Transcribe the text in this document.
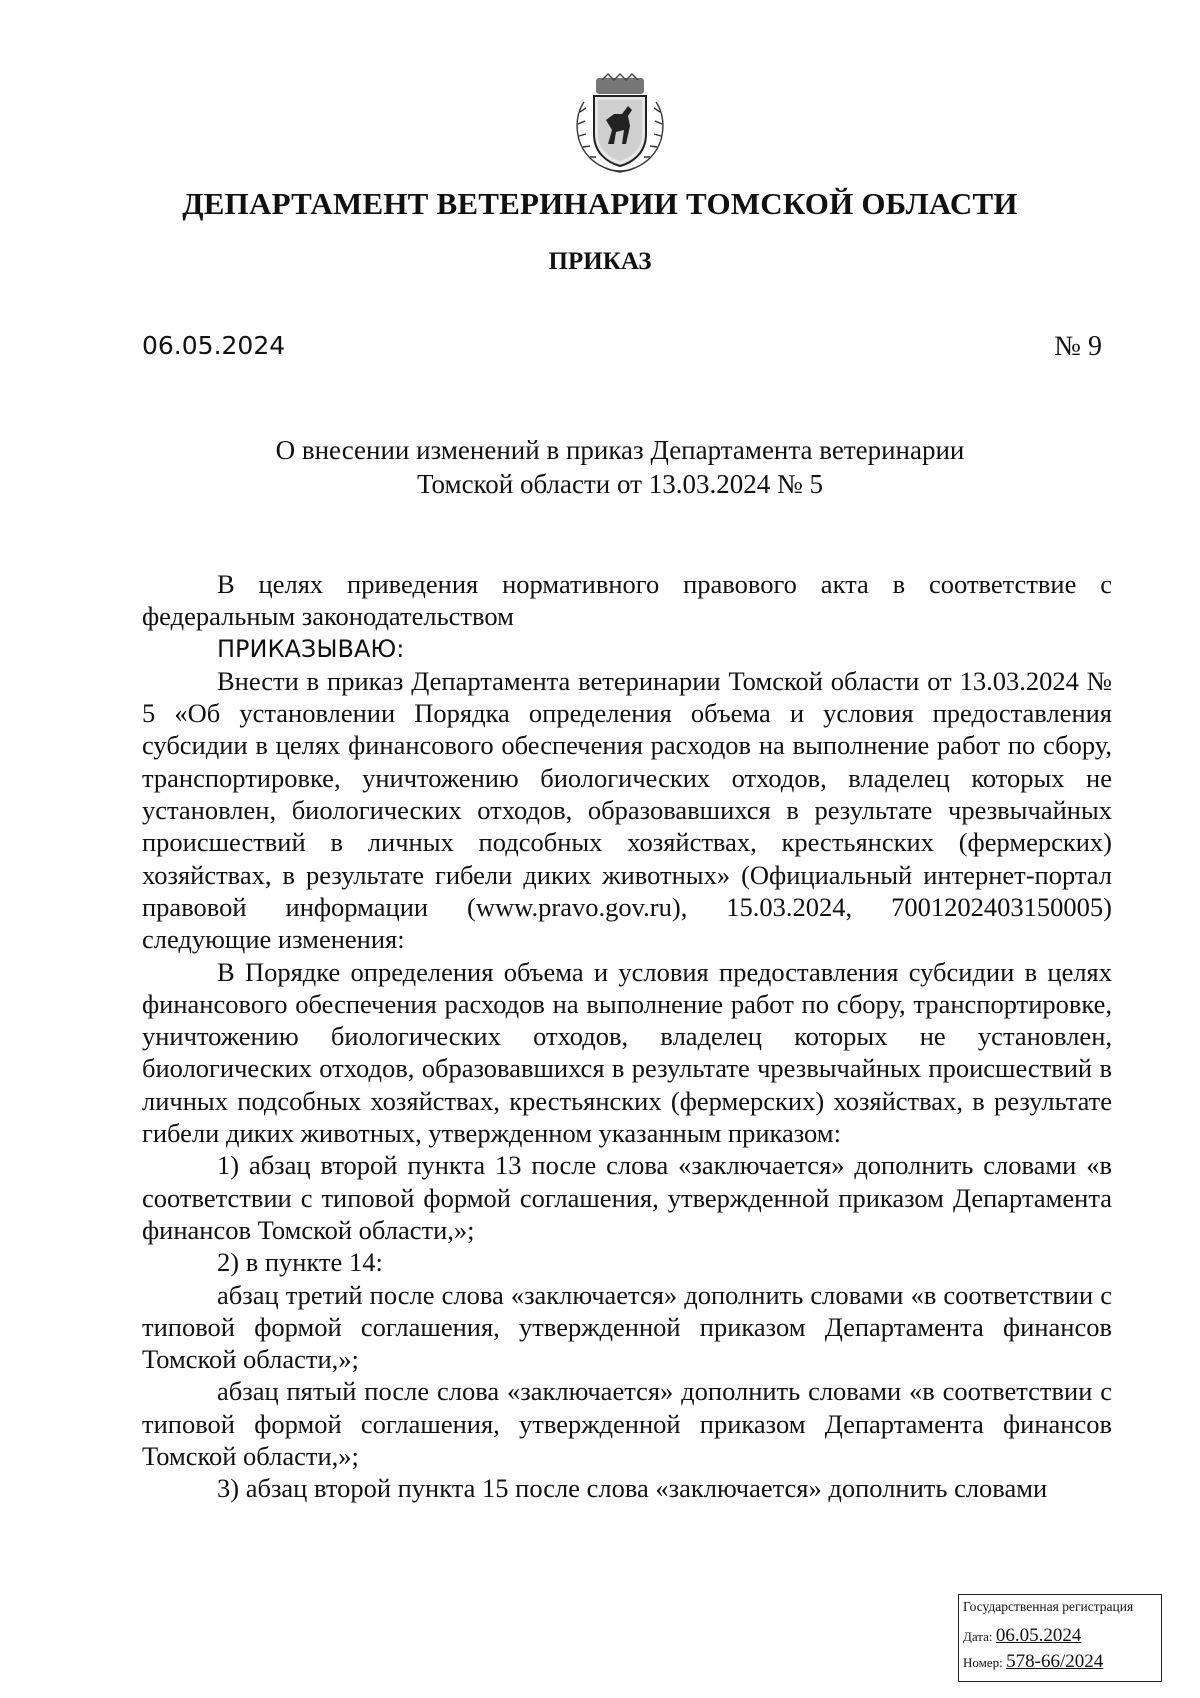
ДЕПАРТАМЕНТ ВЕТЕРИНАРИИ ТОМСКОЙ ОБЛАСТИ
ПРИКАЗ
06.05.2024	№ 9
О внесении изменений в приказ Департамента ветеринарии
Томской области от 13.03.2024 № 5

В целях приведения нормативного правового акта в соответствие с федеральным законодательством

ПРИКАЗЫВАЮ:

Внести в приказ Департамента ветеринарии Томской области от 13.03.2024 № 5 «Об установлении Порядка определения объема и условия предоставления субсидии в целях финансового обеспечения расходов на выполнение работ по сбору, транспортировке, уничтожению биологических отходов, владелец которых не установлен, биологических отходов, образовавшихся в результате чрезвычайных происшествий в личных подсобных хозяйствах, крестьянских (фермерских) хозяйствах, в результате гибели диких животных» (Официальный интернет-портал правовой информации (www.pravo.gov.ru), 15.03.2024, 7001202403150005) следующие изменения:

В Порядке определения объема и условия предоставления субсидии в целях финансового обеспечения расходов на выполнение работ по сбору, транспортировке, уничтожению биологических отходов, владелец которых не установлен, биологических отходов, образовавшихся в результате чрезвычайных происшествий в личных подсобных хозяйствах, крестьянских (фермерских) хозяйствах, в результате гибели диких животных, утвержденном указанным приказом:

1) абзац второй пункта 13 после слова «заключается» дополнить словами «в соответствии с типовой формой соглашения, утвержденной приказом Департамента финансов Томской области,»;

2) в пункте 14:

абзац третий после слова «заключается» дополнить словами «в соответствии с типовой формой соглашения, утвержденной приказом Департамента финансов Томской области,»;

абзац пятый после слова «заключается» дополнить словами «в соответствии с типовой формой соглашения, утвержденной приказом Департамента финансов Томской области,»;

3) абзац второй пункта 15 после слова «заключается» дополнить словами

Государственная регистрация
Дата: 06.05.2024
Номер: 578-66/2024
